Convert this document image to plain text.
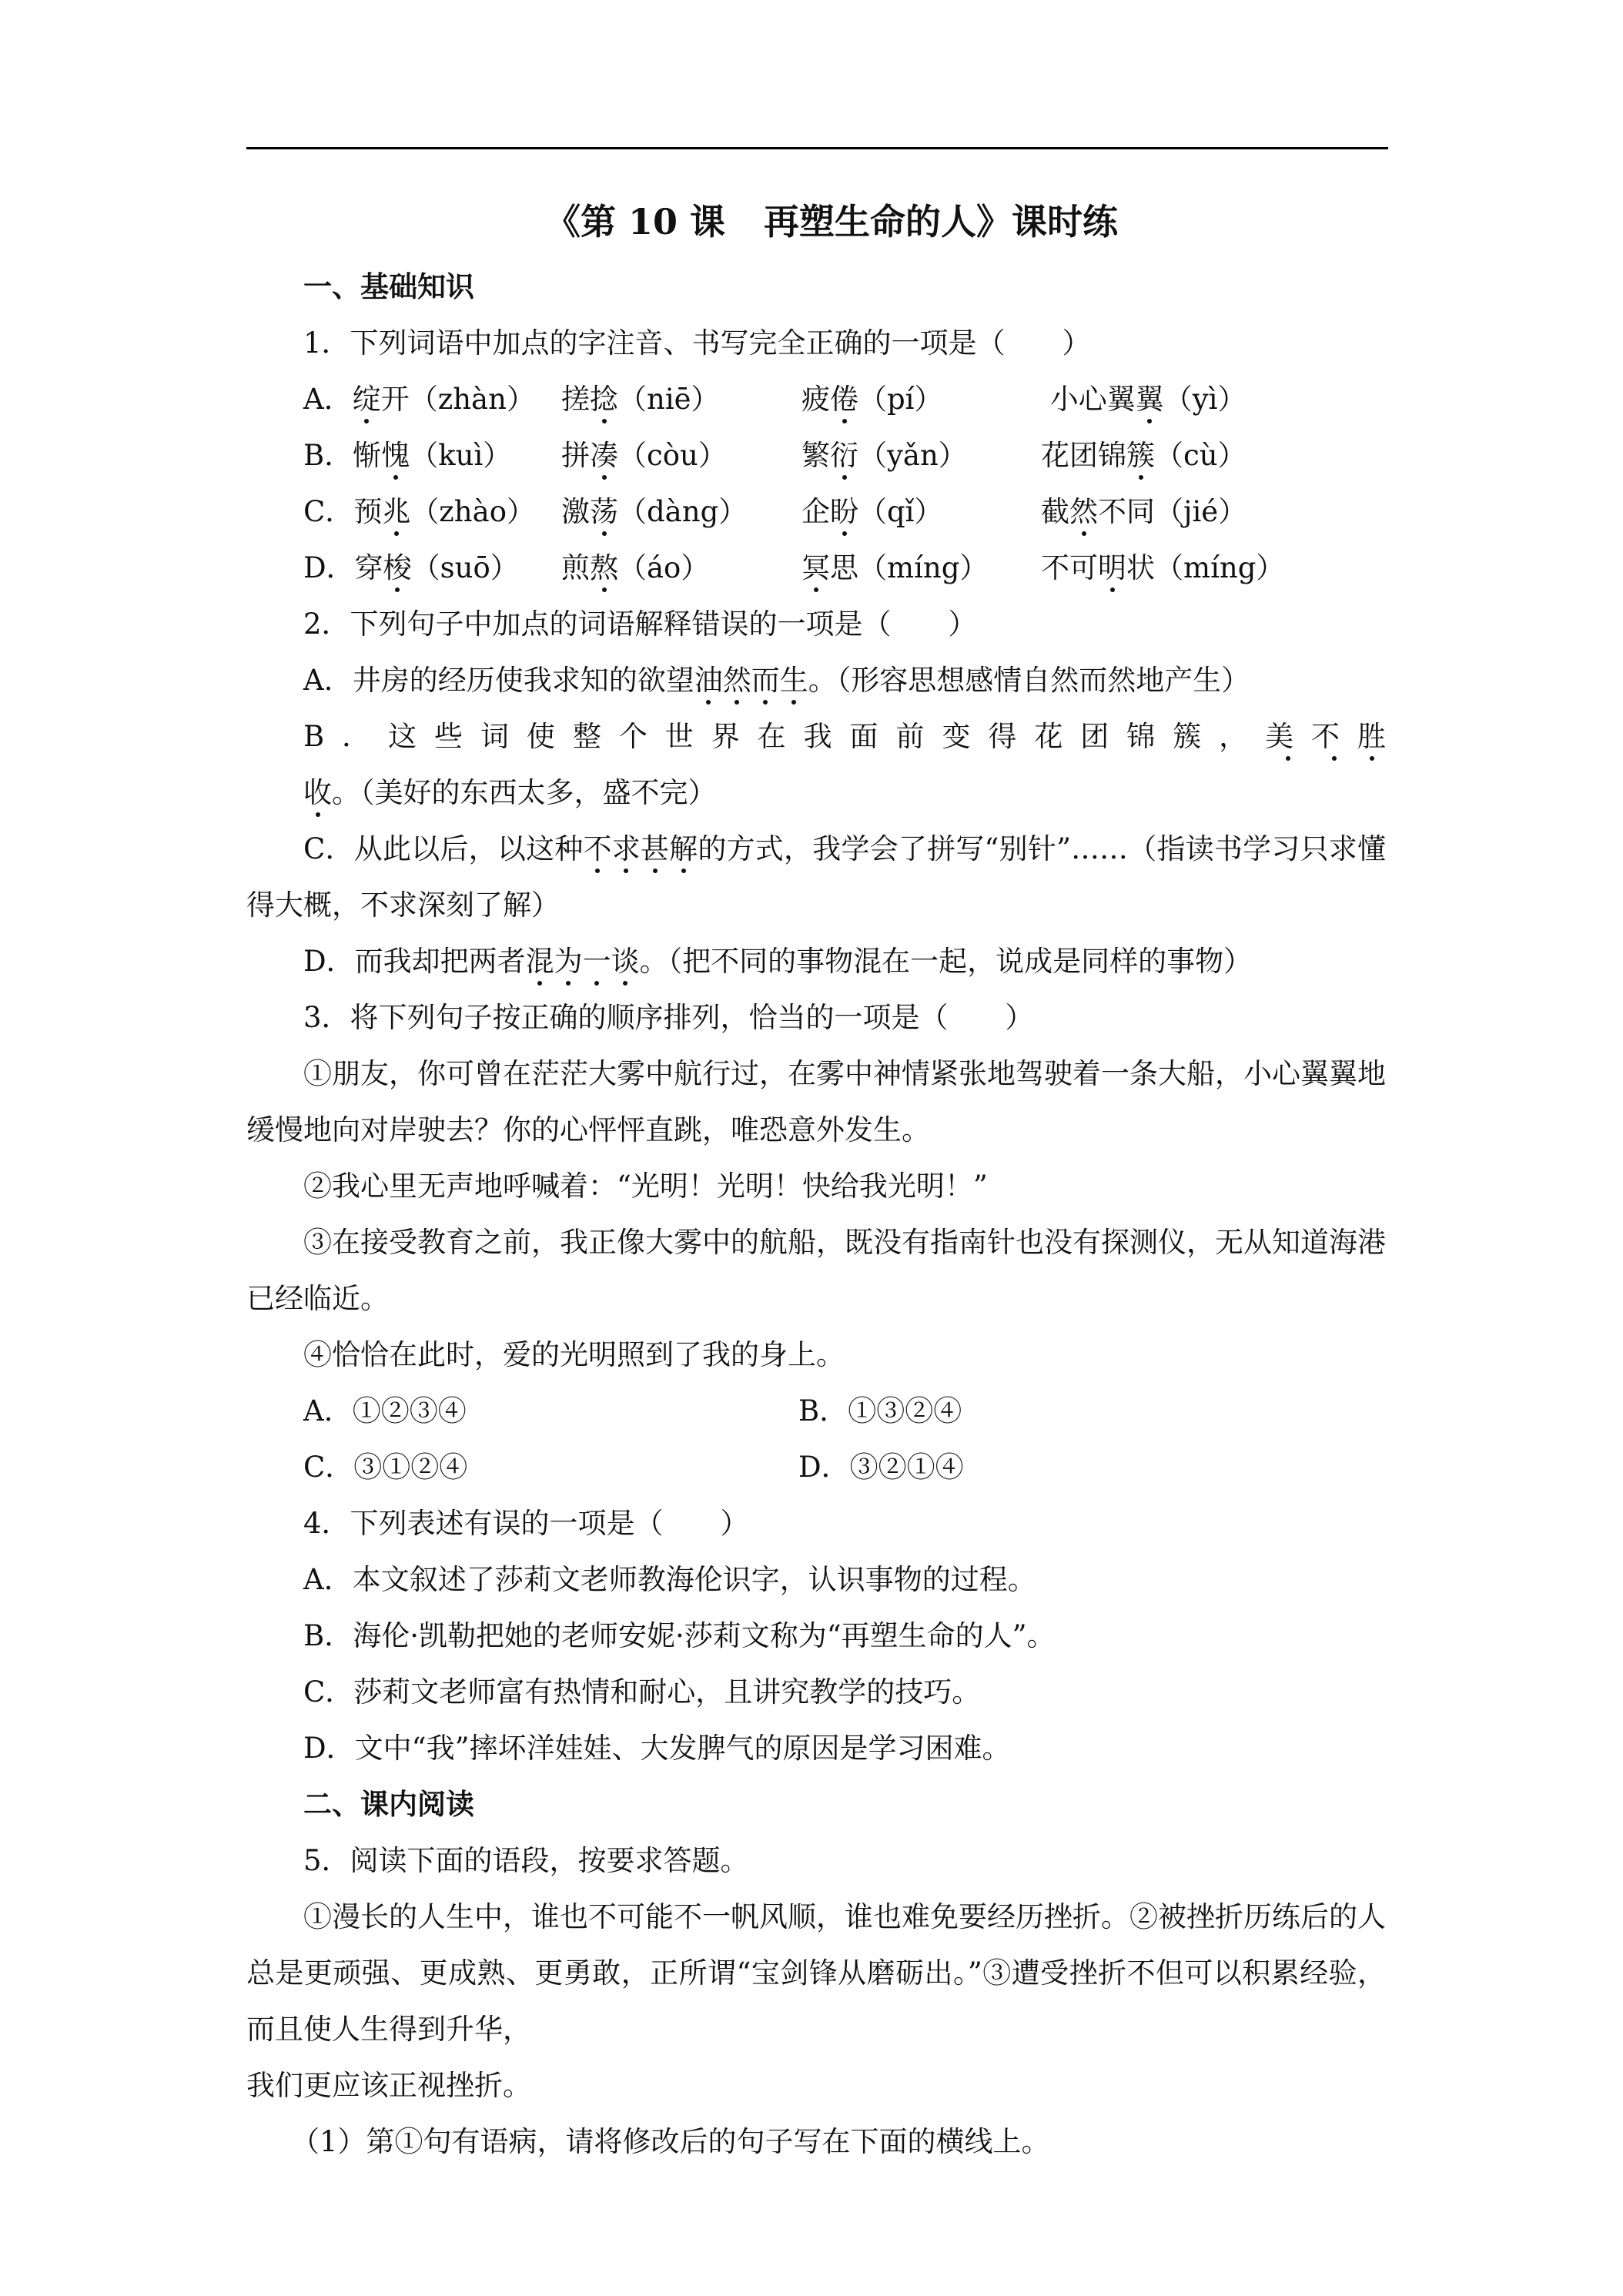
《第 10 课 再塑生命的人》课时练
一、基础知识
1．下列词语中加点的字注音、书写完全正确的一项是（　　）
A．绽开（zhàn） 搓捻（niē）	疲倦（pí）	小心翼翼（yì）
B．惭愧（kuì）	拼凑（còu）	繁衍（yǎn）	花团锦簇（cù）
C．预兆（zhào） 激荡（dàng）	企盼（qǐ）	截然不同（jié）
D．穿梭（suō）	煎熬（áo）	冥思（míng）	不可明状（míng）
2．下列句子中加点的词语解释错误的一项是（　　）
A．井房的经历使我求知的欲望油然而生。（形容思想感情自然而然地产生）
B．这些词使整个世界在我面前变得花团锦簇，美不胜收。（美好的东西太多，盛不完）
C．从此以后，以这种不求甚解的方式，我学会了拼写“别针”……（指读书学习只求懂得大概，不求深刻了解）
D．而我却把两者混为一谈。（把不同的事物混在一起，说成是同样的事物）
3．将下列句子按正确的顺序排列，恰当的一项是（　　）
①朋友，你可曾在茫茫大雾中航行过，在雾中神情紧张地驾驶着一条大船，小心翼翼地缓慢地向对岸驶去？你的心怦怦直跳，唯恐意外发生。
②我心里无声地呼喊着：“光明！光明！快给我光明！”
③在接受教育之前，我正像大雾中的航船，既没有指南针也没有探测仪，无从知道海港已经临近。
④恰恰在此时，爱的光明照到了我的身上。
A．①②③④	B．①③②④
C．③①②④	D．③②①④
4．下列表述有误的一项是（　　）
A．本文叙述了莎莉文老师教海伦识字，认识事物的过程。
B．海伦·凯勒把她的老师安妮·莎莉文称为“再塑生命的人”。
C．莎莉文老师富有热情和耐心，且讲究教学的技巧。
D．文中“我”摔坏洋娃娃、大发脾气的原因是学习困难。
二、课内阅读
5．阅读下面的语段，按要求答题。
①漫长的人生中，谁也不可能不一帆风顺，谁也难免要经历挫折。②被挫折历练后的人总是更顽强、更成熟、更勇敢，正所谓“宝剑锋从磨砺出。”③遭受挫折不但可以积累经验，而且使人生得到升华，
我们更应该正视挫折。
（1）第①句有语病，请将修改后的句子写在下面的横线上。
